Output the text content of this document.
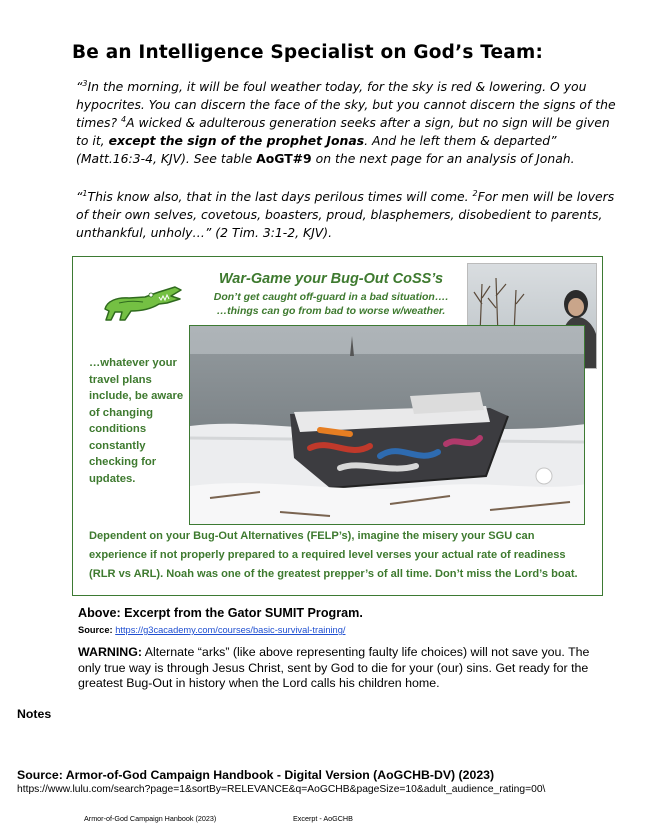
Be an Intelligence Specialist on God’s Team:

“$^3$In the morning, it will be foul weather today, for the sky is red & lowering. O you hypocrites. You can discern the face of the sky, but you cannot discern the signs of the times? $^4$A wicked & adulterous generation seeks after a sign, but no sign will be given to it, except the sign of the prophet Jonas. And he left them & departed” (Matt.16:3-4, KJV). See table AoGT#9 on the next page for an analysis of Jonah.

“$^1$This know also, that in the last days perilous times will come. $^2$For men will be lovers of their own selves, covetous, boasters, proud, blasphemers, disobedient to parents, unthankful, unholy…” (2 Tim. 3:1-2, KJV).

War-Game your Bug-Out CoSS’s
Don’t get caught off-guard in a bad situation….
…things can go from bad to worse w/weather.
…whatever your travel plans include, be aware of changing conditions constantly checking for updates.
Dependent on your Bug-Out Alternatives (FELP’s), imagine the misery your SGU can experience if not properly prepared to a required level verses your actual rate of readiness (RLR vs ARL). Noah was one of the greatest prepper’s of all time. Don’t miss the Lord’s boat.
Above: Excerpt from the Gator SUMIT Program.
Source: https://g3cacademy.com/courses/basic-survival-training/

WARNING: Alternate “arks” (like above representing faulty life choices) will not save you. The only true way is through Jesus Christ, sent by God to die for your (our) sins. Get ready for the greatest Bug-Out in history when the Lord calls his children home.

Notes
Source: Armor-of-God Campaign Handbook - Digital Version (AoGCHB-DV) (2023)
https://www.lulu.com/search?page=1&sortBy=RELEVANCE&q=AoGCHB&pageSize=10&adult_audience_rating=00\
Armor-of-God Campaign Hanbook (2023)	Excerpt - AoGCHB
